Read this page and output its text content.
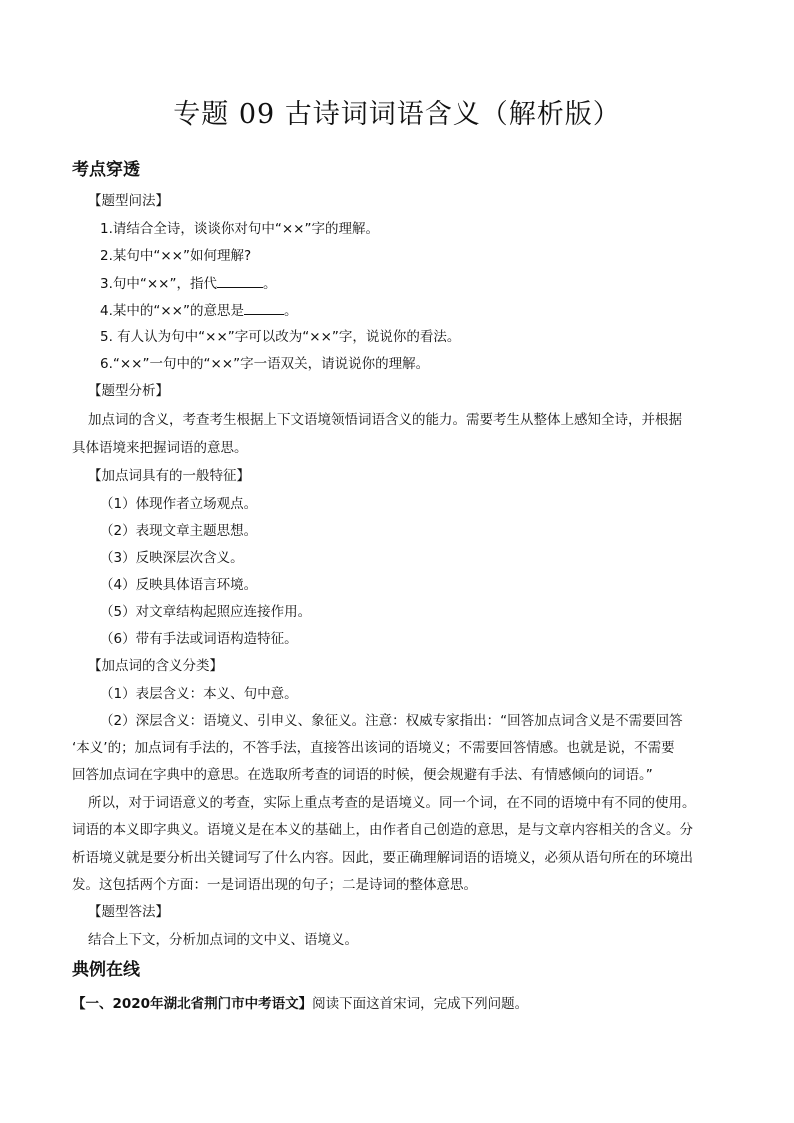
专题 09 古诗词词语含义（解析版）
考点穿透

【题型问法】

1.请结合全诗，谈谈你对句中“××”字的理解。

2.某句中“××”如何理解?

3.句中“××”，指代	。

4.某中的“××”的意思是	。

5. 有人认为句中“××”字可以改为“××”字，说说你的看法。

6.“××”一句中的“××”字一语双关，请说说你的理解。

【题型分析】

加点词的含义，考查考生根据上下文语境领悟词语含义的能力。需要考生从整体上感知全诗，并根据

具体语境来把握词语的意思。

【加点词具有的一般特征】

（1）体现作者立场观点。

（2）表现文章主题思想。

（3）反映深层次含义。

（4）反映具体语言环境。

（5）对文章结构起照应连接作用。

（6）带有手法或词语构造特征。

【加点词的含义分类】

（1）表层含义：本义、句中意。

（2）深层含义：语境义、引申义、象征义。注意：权威专家指出：“回答加点词含义是不需要回答

‘本义’的；加点词有手法的，不答手法，直接答出该词的语境义；不需要回答情感。也就是说，不需要

回答加点词在字典中的意思。在选取所考查的词语的时候，便会规避有手法、有情感倾向的词语。”

所以，对于词语意义的考查，实际上重点考查的是语境义。同一个词，在不同的语境中有不同的使用。

词语的本义即字典义。语境义是在本义的基础上，由作者自己创造的意思，是与文章内容相关的含义。分

析语境义就是要分析出关键词写了什么内容。因此，要正确理解词语的语境义，必须从语句所在的环境出

发。这包括两个方面：一是词语出现的句子；二是诗词的整体意思。

【题型答法】

结合上下文，分析加点词的文中义、语境义。

典例在线

【一、2020年湖北省荆门市中考语文】阅读下面这首宋词，完成下列问题。
